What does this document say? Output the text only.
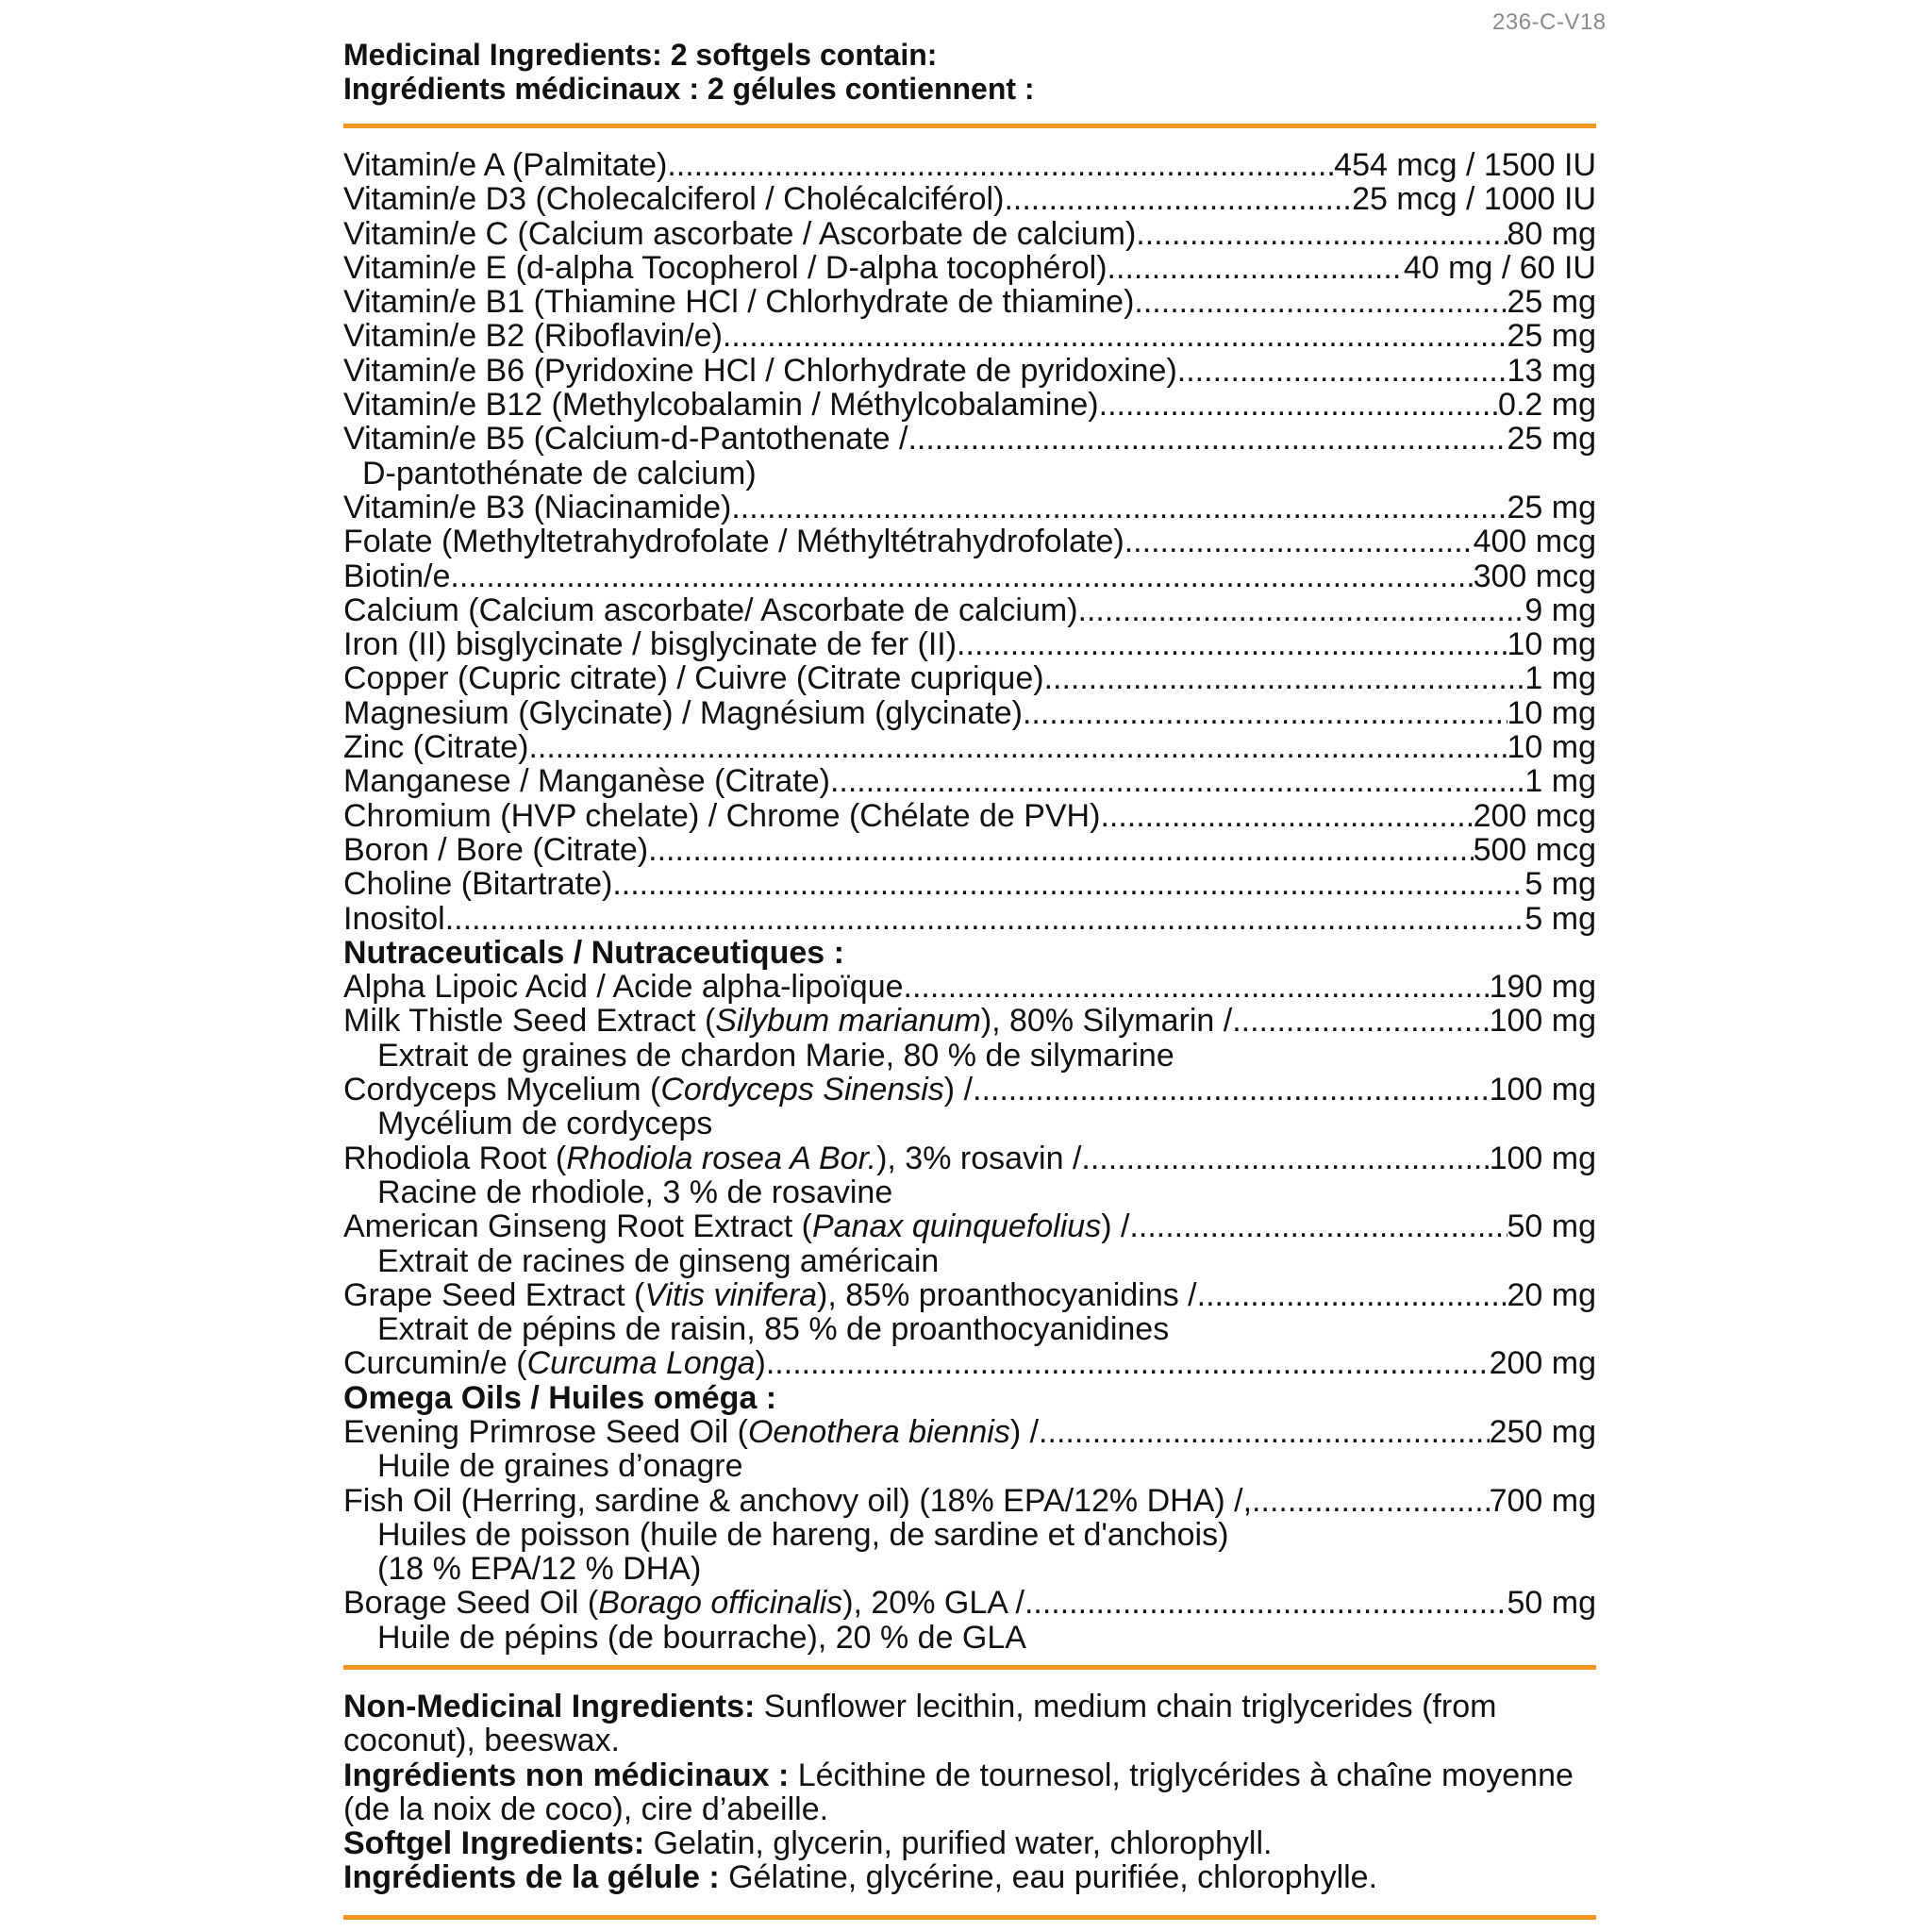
236-C-V18
Medicinal Ingredients: 2 softgels contain:
Ingrédients médicinaux : 2 gélules contiennent :
Vitamin/e A (Palmitate) .....	454 mcg / 1500 IU
Vitamin/e D3 (Cholecalciferol / Cholécalciférol) .....	25 mcg / 1000 IU
Vitamin/e C (Calcium ascorbate / Ascorbate de calcium) .....	80 mg
Vitamin/e E (d-alpha Tocopherol / D-alpha tocophérol) .....	40 mg / 60 IU
Vitamin/e B1 (Thiamine HCl / Chlorhydrate de thiamine) .....	25 mg
Vitamin/e B2 (Riboflavin/e) .....	25 mg
Vitamin/e B6 (Pyridoxine HCl / Chlorhydrate de pyridoxine) .....	13 mg
Vitamin/e B12 (Methylcobalamin / Méthylcobalamine) .....	0.2 mg
Vitamin/e B5 (Calcium-d-Pantothenate / .....	25 mg
D-pantothénate de calcium)
Vitamin/e B3 (Niacinamide) .....	25 mg
Folate (Methyltetrahydrofolate / Méthyltétrahydrofolate) .....	400 mcg
Biotin/e .....	300 mcg
Calcium (Calcium ascorbate/ Ascorbate de calcium) .....	9 mg
Iron (II) bisglycinate / bisglycinate de fer (II) .....	10 mg
Copper (Cupric citrate) / Cuivre (Citrate cuprique) .....	1 mg
Magnesium (Glycinate) / Magnésium (glycinate) .....	10 mg
Zinc (Citrate) .....	10 mg
Manganese / Manganèse (Citrate) .....	1 mg
Chromium (HVP chelate) / Chrome (Chélate de PVH) .....	200 mcg
Boron / Bore (Citrate) .....	500 mcg
Choline (Bitartrate) .....	5 mg
Inositol .....	5 mg
Nutraceuticals / Nutraceutiques :
Alpha Lipoic Acid / Acide alpha-lipoïque .....	190 mg
Milk Thistle Seed Extract (Silybum marianum), 80% Silymarin / .....	100 mg
Extrait de graines de chardon Marie, 80 % de silymarine
Cordyceps Mycelium (Cordyceps Sinensis) / .....	100 mg
Mycélium de cordyceps
Rhodiola Root (Rhodiola rosea A Bor.), 3% rosavin / .....	100 mg
Racine de rhodiole, 3 % de rosavine
American Ginseng Root Extract (Panax quinquefolius) / .....	50 mg
Extrait de racines de ginseng américain
Grape Seed Extract (Vitis vinifera), 85% proanthocyanidins / .....	20 mg
Extrait de pépins de raisin, 85 % de proanthocyanidines
Curcumin/e (Curcuma Longa) .....	200 mg
Omega Oils / Huiles oméga :
Evening Primrose Seed Oil (Oenothera biennis) / .....	250 mg
Huile de graines d’onagre
Fish Oil (Herring, sardine & anchovy oil) (18% EPA/12% DHA) /, .....	700 mg
Huiles de poisson (huile de hareng, de sardine et d'anchois)
(18 % EPA/12 % DHA)
Borage Seed Oil (Borago officinalis), 20% GLA / .....	50 mg
Huile de pépins (de bourrache), 20 % de GLA

Non-Medicinal Ingredients: Sunflower lecithin, medium chain triglycerides (from coconut), beeswax.

Ingrédients non médicinaux : Lécithine de tournesol, triglycérides à chaîne moyenne (de la noix de coco), cire d’abeille.

Softgel Ingredients: Gelatin, glycerin, purified water, chlorophyll.

Ingrédients de la gélule : Gélatine, glycérine, eau purifiée, chlorophylle.
